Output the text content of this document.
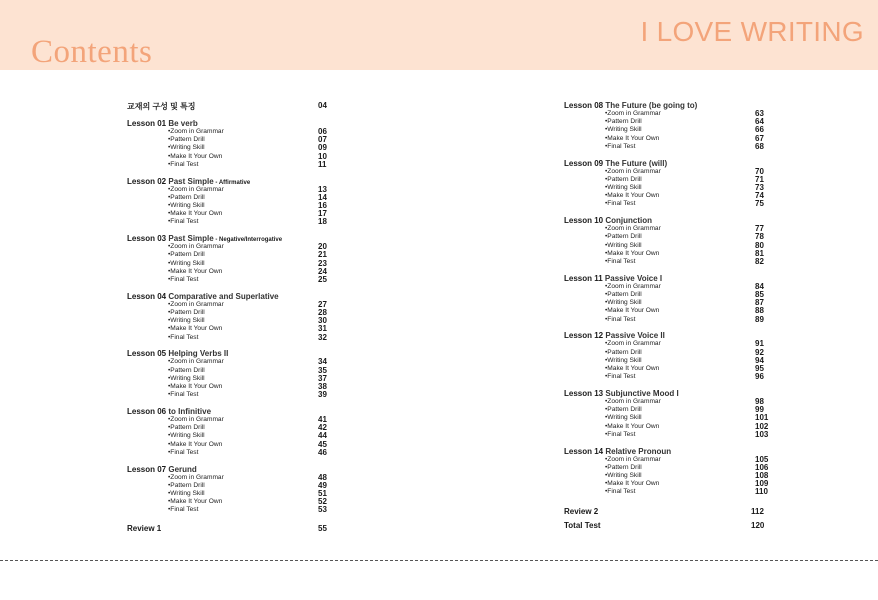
Contents
I LOVE WRITING
교재의 구성 및 특징	04
Lesson 01 Be verb
•Zoom in Grammar	06
•Pattern Drill	07
•Writing Skill	09
•Make It Your Own	10
•Final Test	11
Lesson 02 Past Simple - Affirmative
•Zoom in Grammar	13
•Pattern Drill	14
•Writing Skill	16
•Make It Your Own	17
•Final Test	18
Lesson 03 Past Simple - Negative/Interrogative
•Zoom in Grammar	20
•Pattern Drill	21
•Writing Skill	23
•Make It Your Own	24
•Final Test	25
Lesson 04 Comparative and Superlative
•Zoom in Grammar	27
•Pattern Drill	28
•Writing Skill	30
•Make It Your Own	31
•Final Test	32
Lesson 05 Helping Verbs II
•Zoom in Grammar	34
•Pattern Drill	35
•Writing Skill	37
•Make It Your Own	38
•Final Test	39
Lesson 06 to Infinitive
•Zoom in Grammar	41
•Pattern Drill	42
•Writing Skill	44
•Make It Your Own	45
•Final Test	46
Lesson 07 Gerund
•Zoom in Grammar	48
•Pattern Drill	49
•Writing Skill	51
•Make It Your Own	52
•Final Test	53
Review 1	55
Lesson 08 The Future (be going to)
•Zoom in Grammar	63
•Pattern Drill	64
•Writing Skill	66
•Make It Your Own	67
•Final Test	68
Lesson 09 The Future (will)
•Zoom in Grammar	70
•Pattern Drill	71
•Writing Skill	73
•Make It Your Own	74
•Final Test	75
Lesson 10 Conjunction
•Zoom in Grammar	77
•Pattern Drill	78
•Writing Skill	80
•Make It Your Own	81
•Final Test	82
Lesson 11 Passive Voice I
•Zoom in Grammar	84
•Pattern Drill	85
•Writing Skill	87
•Make It Your Own	88
•Final Test	89
Lesson 12 Passive Voice II
•Zoom in Grammar	91
•Pattern Drill	92
•Writing Skill	94
•Make It Your Own	95
•Final Test	96
Lesson 13 Subjunctive Mood I
•Zoom in Grammar	98
•Pattern Drill	99
•Writing Skill	101
•Make It Your Own	102
•Final Test	103
Lesson 14 Relative Pronoun
•Zoom in Grammar	105
•Pattern Drill	106
•Writing Skill	108
•Make It Your Own	109
•Final Test	110
Review 2	112
Total Test	120
